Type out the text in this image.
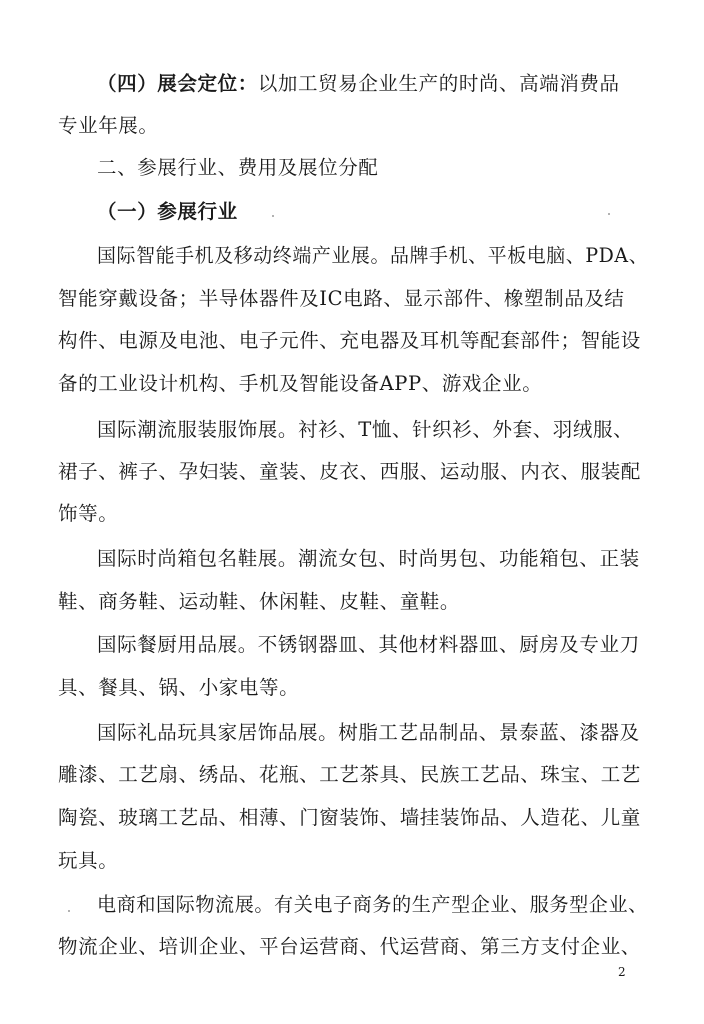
（四）展会定位：以加工贸易企业生产的时尚、高端消费品
专业年展。
二、参展行业、费用及展位分配
（一）参展行业
国际智能手机及移动终端产业展。品牌手机、平板电脑、PDA、
智能穿戴设备；半导体器件及IC电路、显示部件、橡塑制品及结
构件、电源及电池、电子元件、充电器及耳机等配套部件；智能设
备的工业设计机构、手机及智能设备APP、游戏企业。
国际潮流服装服饰展。衬衫、T恤、针织衫、外套、羽绒服、
裙子、裤子、孕妇装、童装、皮衣、西服、运动服、内衣、服装配
饰等。
国际时尚箱包名鞋展。潮流女包、时尚男包、功能箱包、正装
鞋、商务鞋、运动鞋、休闲鞋、皮鞋、童鞋。
国际餐厨用品展。不锈钢器皿、其他材料器皿、厨房及专业刀
具、餐具、锅、小家电等。
国际礼品玩具家居饰品展。树脂工艺品制品、景泰蓝、漆器及
雕漆、工艺扇、绣品、花瓶、工艺茶具、民族工艺品、珠宝、工艺
陶瓷、玻璃工艺品、相薄、门窗装饰、墙挂装饰品、人造花、儿童
玩具。
电商和国际物流展。有关电子商务的生产型企业、服务型企业、
物流企业、培训企业、平台运营商、代运营商、第三方支付企业、
2
